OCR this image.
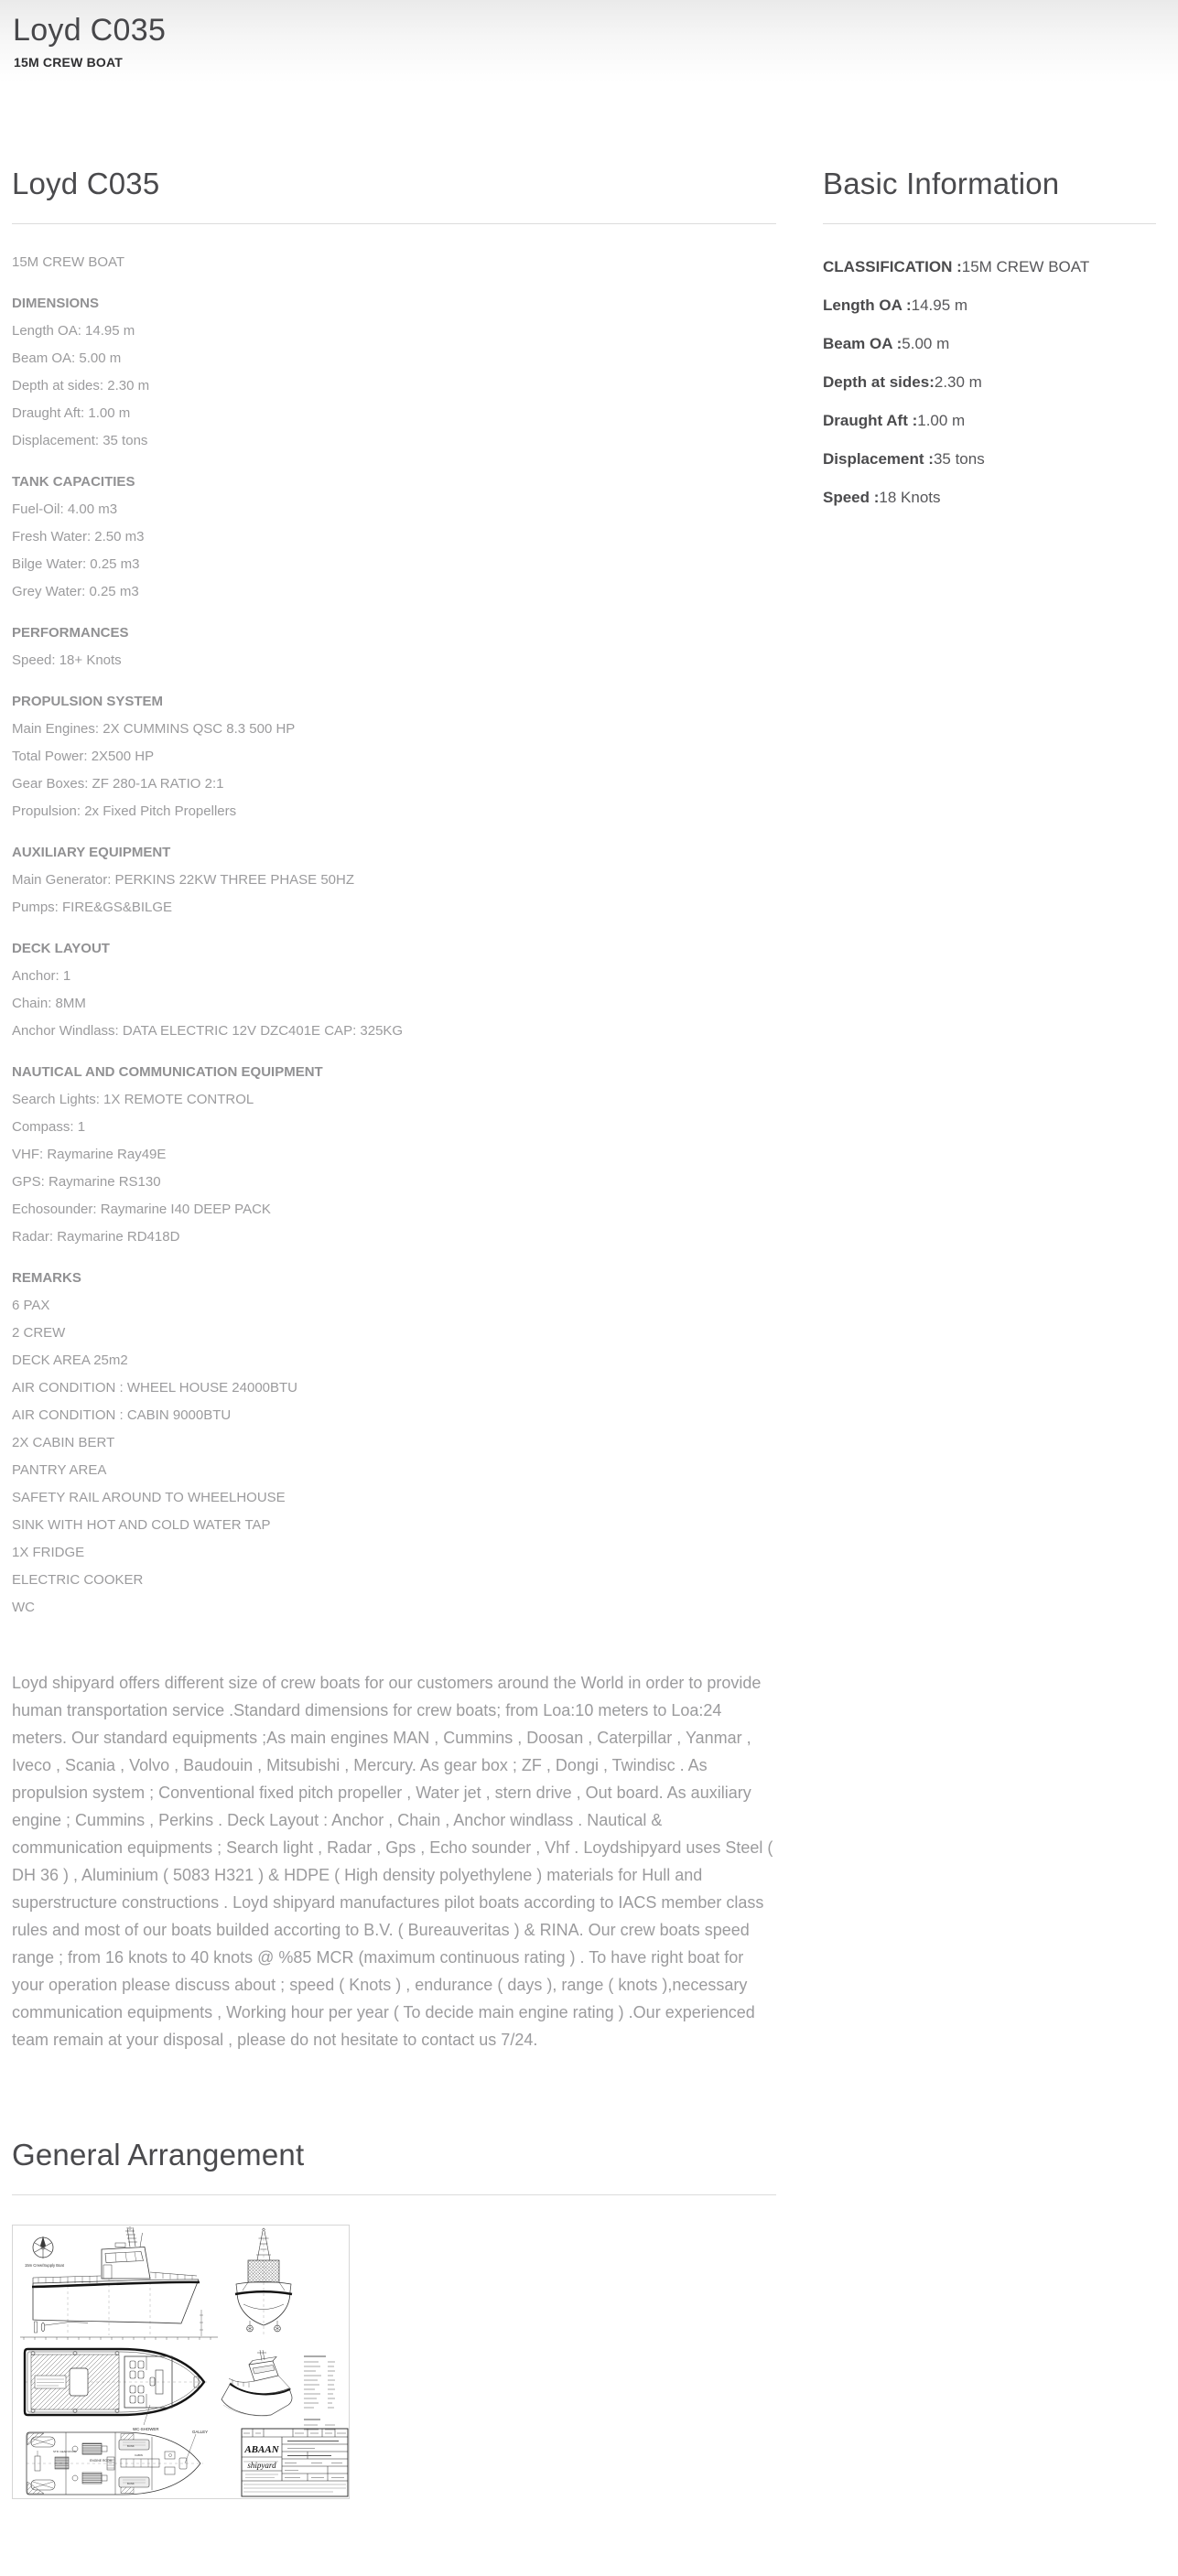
Loyd C035
15M CREW BOAT
Loyd C035

15M CREW BOAT

DIMENSIONS
Length OA: 14.95 m
Beam OA: 5.00 m
Depth at sides: 2.30 m
Draught Aft: 1.00 m
Displacement: 35 tons

TANK CAPACITIES
Fuel-Oil: 4.00 m3
Fresh Water: 2.50 m3
Bilge Water: 0.25 m3
Grey Water: 0.25 m3

PERFORMANCES
Speed: 18+ Knots

PROPULSION SYSTEM
Main Engines: 2X CUMMINS QSC 8.3 500 HP
Total Power: 2X500 HP
Gear Boxes: ZF 280-1A RATIO 2:1
Propulsion: 2x Fixed Pitch Propellers

AUXILIARY EQUIPMENT
Main Generator: PERKINS 22KW THREE PHASE 50HZ
Pumps: FIRE&GS&BILGE

DECK LAYOUT
Anchor: 1
Chain: 8MM
Anchor Windlass: DATA ELECTRIC 12V DZC401E CAP: 325KG

NAUTICAL AND COMMUNICATION EQUIPMENT
Search Lights: 1X REMOTE CONTROL
Compass: 1
VHF: Raymarine Ray49E
GPS: Raymarine RS130
Echosounder: Raymarine I40 DEEP PACK
Radar: Raymarine RD418D

REMARKS
6 PAX
2 CREW
DECK AREA 25m2
AIR CONDITION : WHEEL HOUSE 24000BTU
AIR CONDITION : CABIN 9000BTU
2X CABIN BERT
PANTRY AREA
SAFETY RAIL AROUND TO WHEELHOUSE
SINK WITH HOT AND COLD WATER TAP
1X FRIDGE
ELECTRIC COOKER
WC

Loyd shipyard offers different size of crew boats for our customers around the World in order to provide human transportation service .Standard dimensions for crew boats; from Loa:10 meters to Loa:24 meters. Our standard equipments ;As main engines MAN , Cummins , Doosan , Caterpillar , Yanmar , Iveco , Scania , Volvo , Baudouin , Mitsubishi , Mercury. As gear box ; ZF , Dongi , Twindisc . As propulsion system ; Conventional fixed pitch propeller , Water jet , stern drive , Out board. As auxiliary engine ; Cummins , Perkins . Deck Layout : Anchor , Chain , Anchor windlass . Nautical & communication equipments ; Search light , Radar , Gps , Echo sounder , Vhf . Loydshipyard uses Steel ( DH 36 ) , Aluminium ( 5083 H321 ) & HDPE ( High density polyethylene ) materials for Hull and superstructure constructions . Loyd shipyard manufactures pilot boats according to IACS member class rules and most of our boats builded accorting to B.V. ( Bureauveritas ) & RINA. Our crew boats speed range ; from 16 knots to 40 knots @ %85 MCR (maximum continuous rating ) . To have right boat for your operation please discuss about ; speed ( Knots ) , endurance ( days ), range ( knots ),necessary communication equipments , Working hour per year ( To decide main engine rating ) .Our experienced team remain at your disposal , please do not hesitate to contact us 7/24.

General Arrangement
15m Crew/Supply Boat
WC-SHOWER
GALLEY
STR. GEAR ROOM
ENGINE ROOM
CABIN
BUNK
BUNK
ABAAN
shipyard
Basic Information

CLASSIFICATION :15M CREW BOAT

Length OA :14.95 m

Beam OA :5.00 m

Depth at sides:2.30 m

Draught Aft :1.00 m

Displacement :35 tons

Speed :18 Knots
